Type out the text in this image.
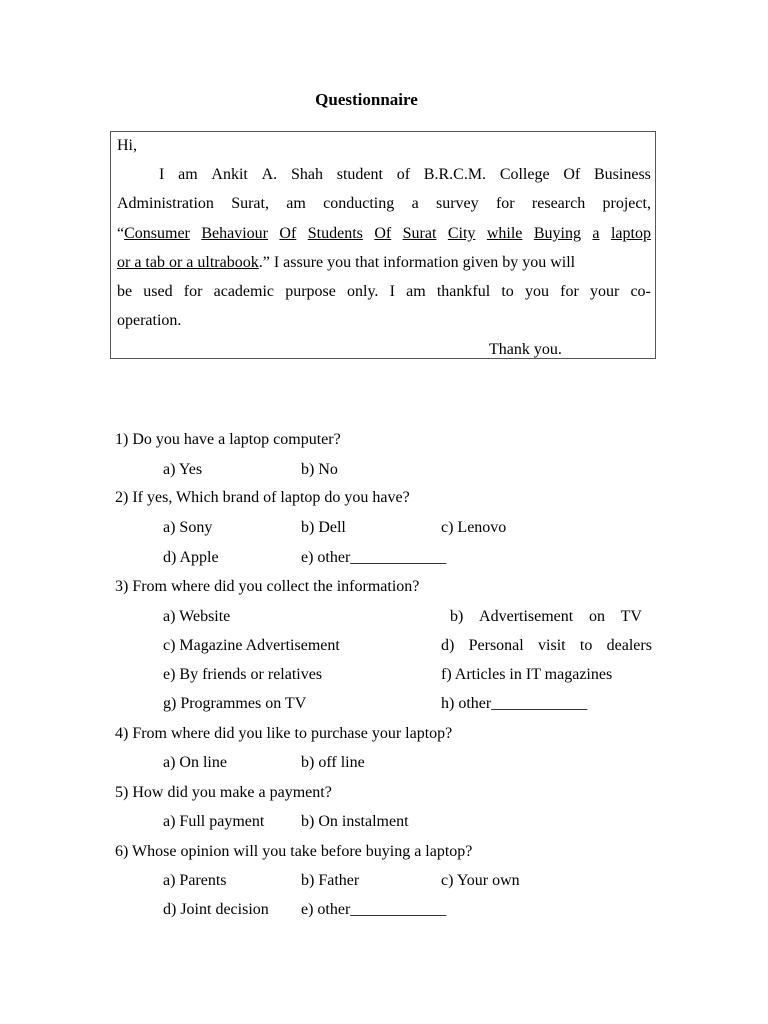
Questionnaire
Hi,
I am Ankit A. Shah student of B.R.C.M. College Of Business
Administration Surat, am conducting a survey for research project,
“ Consumer Behaviour Of Students Of Surat City while Buying a laptop
or a tab or a ultrabook.” I assure you that information given by you will
be used for academic purpose only. I am thankful to you for your co-
operation.
Thank you.
1) Do you have a laptop computer?
a) Yes	b) No
2) If yes, Which brand of laptop do you have?
a) Sony	b) Dell	c) Lenovo
d) Apple	e) other____________
3) From where did you collect the information?
a) Website	b) Advertisement on TV
c) Magazine Advertisement	d) Personal visit to dealers
e) By friends or relatives	f) Articles in IT magazines
g) Programmes on TV	h) other____________
4) From where did you like to purchase your laptop?
a) On line	b) off line
5) How did you make a payment?
a) Full payment b) On instalment
6) Whose opinion will you take before buying a laptop?
a) Parents	b) Father	c) Your own
d) Joint decision e) other____________
